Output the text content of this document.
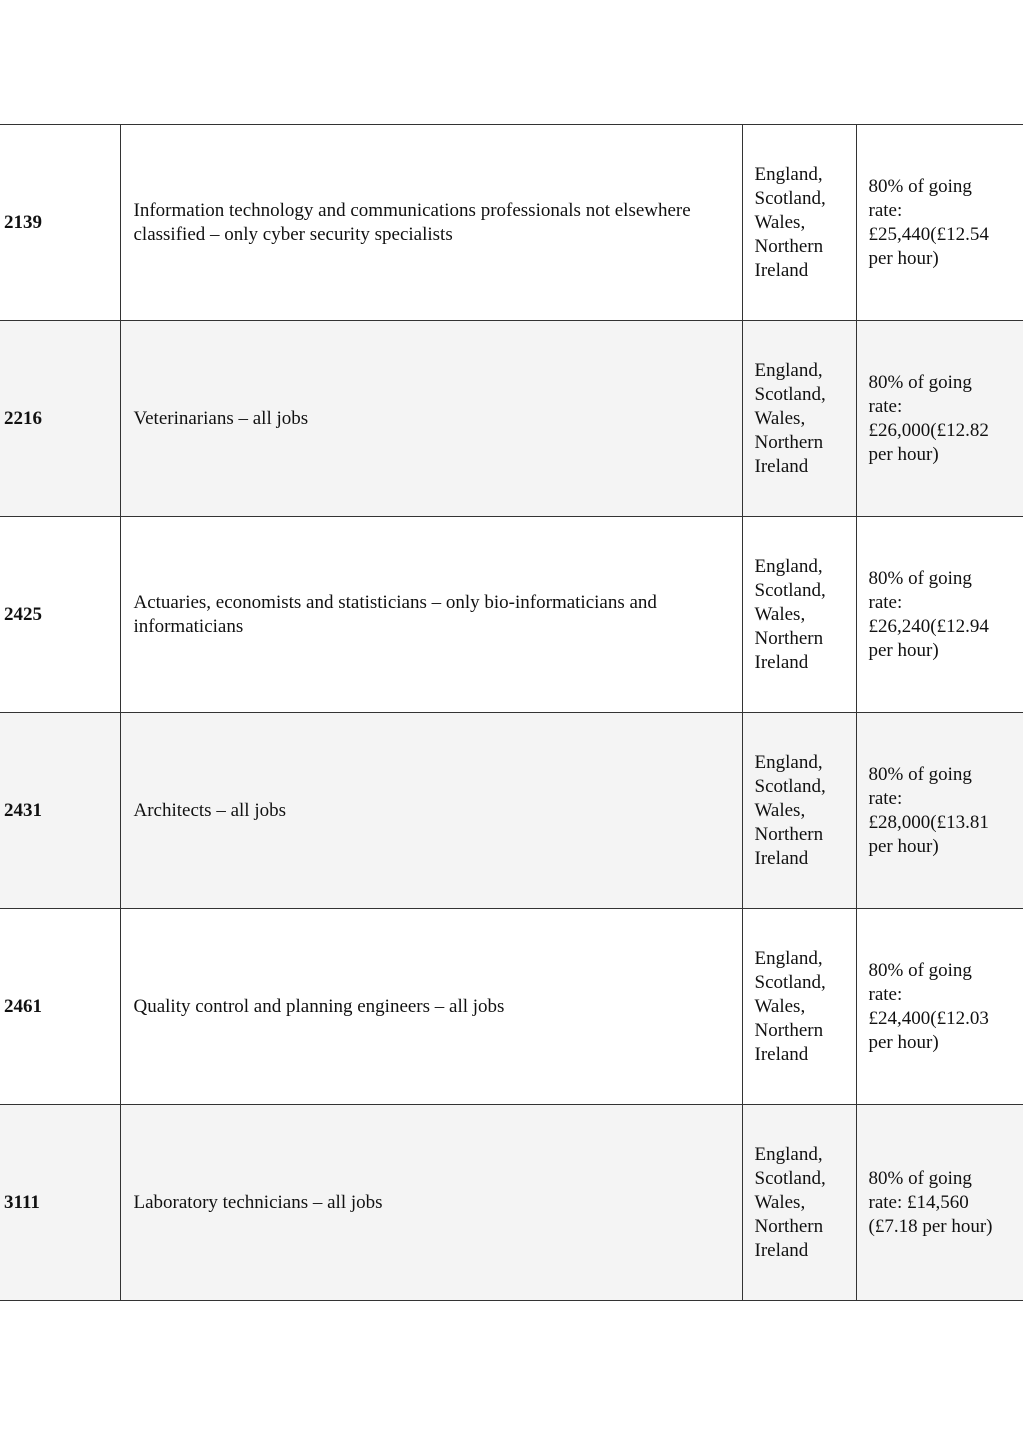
2139	Information technology and communications professionals not elsewhere classified – only cyber security specialists	England,
Scotland,
Wales,
Northern
Ireland	80% of going
rate:
£25,440(£12.54
per hour)

2216	Veterinarians – all jobs	England,
Scotland,
Wales,
Northern
Ireland	80% of going
rate:
£26,000(£12.82
per hour)

2425	Actuaries, economists and statisticians – only bio-informaticians and informaticians	England,
Scotland,
Wales,
Northern
Ireland	80% of going
rate:
£26,240(£12.94
per hour)

2431	Architects – all jobs	England,
Scotland,
Wales,
Northern
Ireland	80% of going
rate:
£28,000(£13.81
per hour)

2461	Quality control and planning engineers – all jobs	England,
Scotland,
Wales,
Northern
Ireland	80% of going
rate:
£24,400(£12.03
per hour)

3111	Laboratory technicians – all jobs	England,
Scotland,
Wales,
Northern
Ireland	80% of going
rate: £14,560
(£7.18 per hour)
